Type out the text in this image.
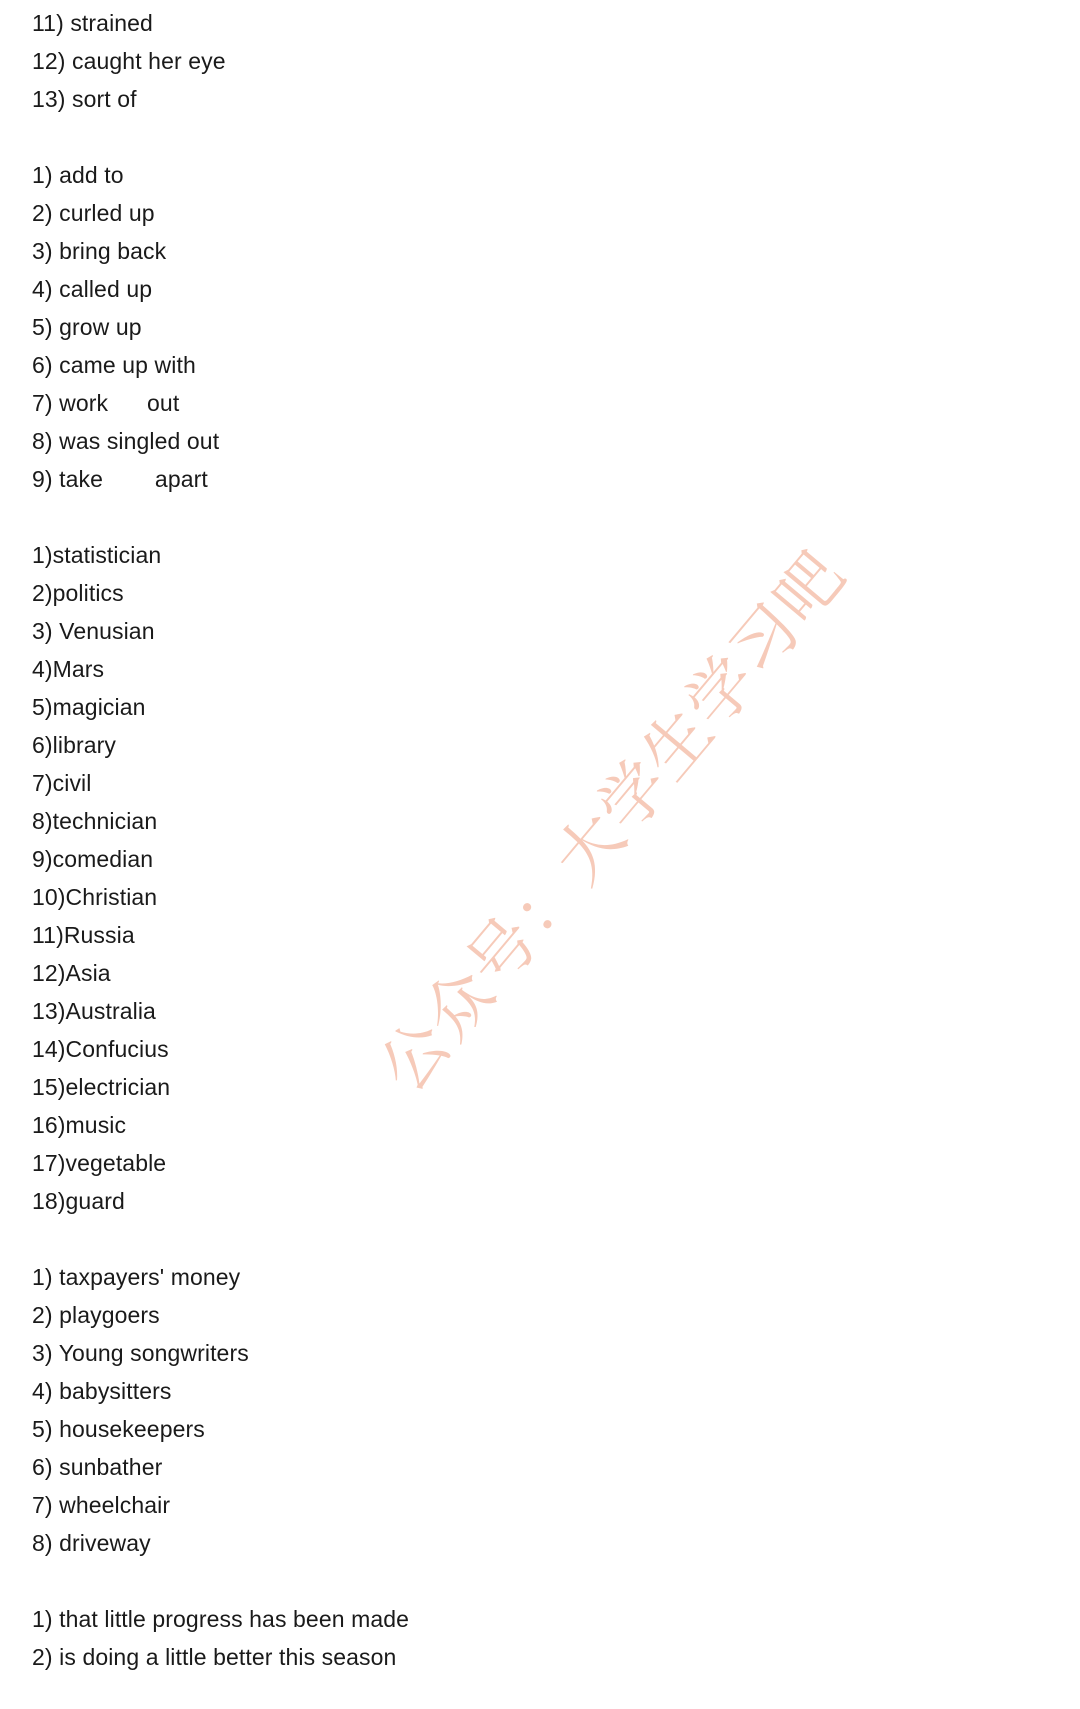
11) strained
12) caught her eye
13) sort of
1) add to
2) curled up
3) bring back
4) called up
5) grow up
6) came up with
7) work      out
8) was singled out
9) take        apart
1)statistician
2)politics
3) Venusian
4)Mars
5)magician
6)library
7)civil
8)technician
9)comedian
10)Christian
11)Russia
12)Asia
13)Australia
14)Confucius
15)electrician
16)music
17)vegetable
18)guard
1) taxpayers' money
2) playgoers
3) Young songwriters
4) babysitters
5) housekeepers
6) sunbather
7) wheelchair
8) driveway
1) that little progress has been made
2) is doing a little better this season
公众号：大学生学习吧
